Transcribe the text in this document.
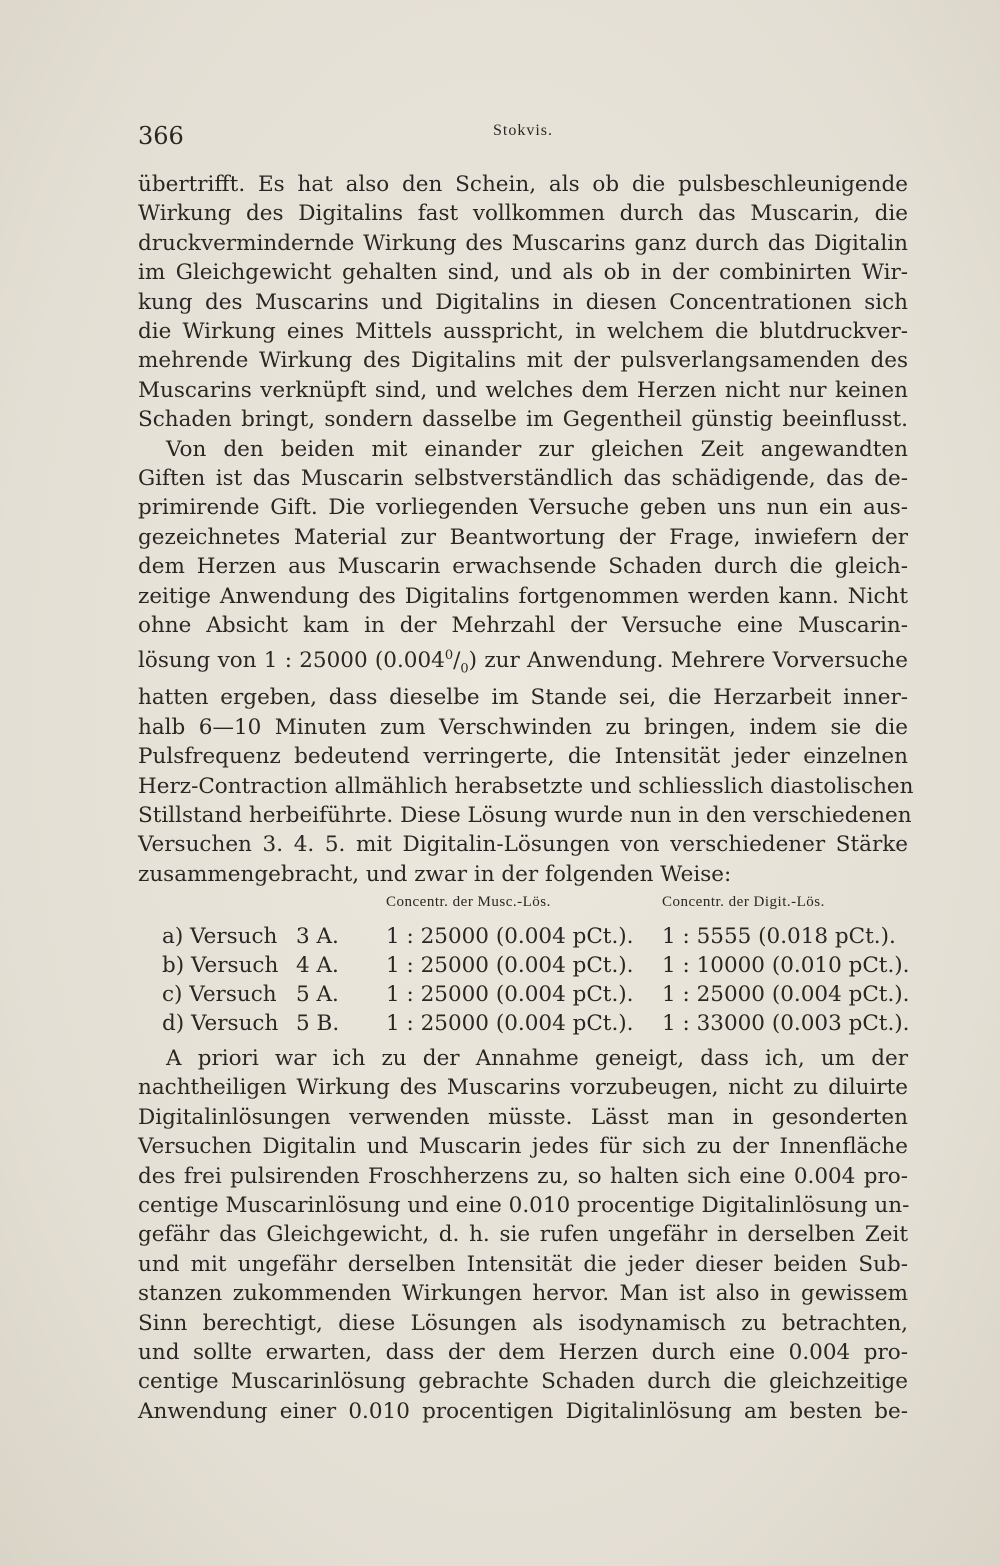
366	Stokvis.
übertrifft. Es hat also den Schein, als ob die pulsbeschleunigende
Wirkung des Digitalins fast vollkommen durch das Muscarin, die
druckvermindernde Wirkung des Muscarins ganz durch das Digitalin
im Gleichgewicht gehalten sind, und als ob in der combinirten Wir-
kung des Muscarins und Digitalins in diesen Concentrationen sich
die Wirkung eines Mittels ausspricht, in welchem die blutdruckver-
mehrende Wirkung des Digitalins mit der pulsverlangsamenden des
Muscarins verknüpft sind, und welches dem Herzen nicht nur keinen
Schaden bringt, sondern dasselbe im Gegentheil günstig beeinflusst.
Von den beiden mit einander zur gleichen Zeit angewandten
Giften ist das Muscarin selbstverständlich das schädigende, das de-
primirende Gift. Die vorliegenden Versuche geben uns nun ein aus-
gezeichnetes Material zur Beantwortung der Frage, inwiefern der
dem Herzen aus Muscarin erwachsende Schaden durch die gleich-
zeitige Anwendung des Digitalins fortgenommen werden kann. Nicht
ohne Absicht kam in der Mehrzahl der Versuche eine Muscarin-
lösung von 1 : 25000 $(0.004^0/_0)$ zur Anwendung. Mehrere Vorversuche
hatten ergeben, dass dieselbe im Stande sei, die Herzarbeit inner-
halb 6—10 Minuten zum Verschwinden zu bringen, indem sie die
Pulsfrequenz bedeutend verringerte, die Intensität jeder einzelnen
Herz-Contraction allmählich herabsetzte und schliesslich diastolischen
Stillstand herbeiführte. Diese Lösung wurde nun in den verschiedenen
Versuchen 3. 4. 5. mit Digitalin-Lösungen von verschiedener Stärke
zusammengebracht, und zwar in der folgenden Weise:
Concentr. der Musc.-Lös.	Concentr. der Digit.-Lös.
a) Versuch 3 A. 1 : 25000 (0.004 pCt.). 1 : 5555 (0.018 pCt.).
b) Versuch 4 A. 1 : 25000 (0.004 pCt.). 1 : 10000 (0.010 pCt.).
c) Versuch 5 A. 1 : 25000 (0.004 pCt.). 1 : 25000 (0.004 pCt.).
d) Versuch 5 B. 1 : 25000 (0.004 pCt.). 1 : 33000 (0.003 pCt.).
A priori war ich zu der Annahme geneigt, dass ich, um der
nachtheiligen Wirkung des Muscarins vorzubeugen, nicht zu diluirte
Digitalinlösungen verwenden müsste. Lässt man in gesonderten
Versuchen Digitalin und Muscarin jedes für sich zu der Innenfläche
des frei pulsirenden Froschherzens zu, so halten sich eine 0.004 pro-
centige Muscarinlösung und eine 0.010 procentige Digitalinlösung un-
gefähr das Gleichgewicht, d. h. sie rufen ungefähr in derselben Zeit
und mit ungefähr derselben Intensität die jeder dieser beiden Sub-
stanzen zukommenden Wirkungen hervor. Man ist also in gewissem
Sinn berechtigt, diese Lösungen als isodynamisch zu betrachten,
und sollte erwarten, dass der dem Herzen durch eine 0.004 pro-
centige Muscarinlösung gebrachte Schaden durch die gleichzeitige
Anwendung einer 0.010 procentigen Digitalinlösung am besten be-
